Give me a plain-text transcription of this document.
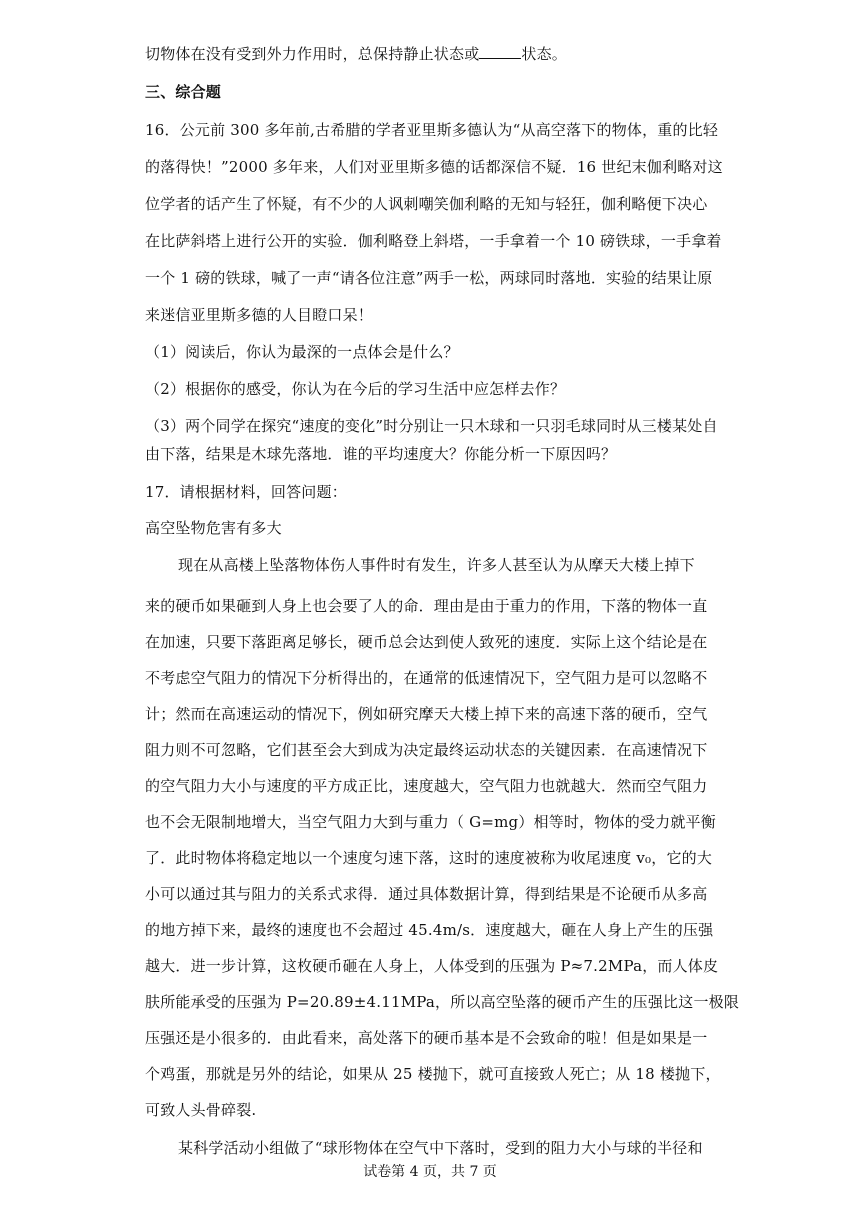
切物体在没有受到外力作用时，总保持静止状态或	状态。
三、综合题
16．公元前 300 多年前,古希腊的学者亚里斯多德认为“从高空落下的物体，重的比轻
的落得快！”2000 多年来，人们对亚里斯多德的话都深信不疑．16 世纪末伽利略对这
位学者的话产生了怀疑，有不少的人讽刺嘲笑伽利略的无知与轻狂，伽利略便下决心
在比萨斜塔上进行公开的实验．伽利略登上斜塔，一手拿着一个 10 磅铁球，一手拿着
一个 1 磅的铁球，喊了一声“请各位注意”两手一松，两球同时落地．实验的结果让原
来迷信亚里斯多德的人目瞪口呆！
（1）阅读后，你认为最深的一点体会是什么？
（2）根据你的感受，你认为在今后的学习生活中应怎样去作？
（3）两个同学在探究“速度的变化”时分别让一只木球和一只羽毛球同时从三楼某处自
由下落，结果是木球先落地．谁的平均速度大？你能分析一下原因吗？
17．请根据材料，回答问题：
高空坠物危害有多大
现在从高楼上坠落物体伤人事件时有发生，许多人甚至认为从摩天大楼上掉下
来的硬币如果砸到人身上也会要了人的命．理由是由于重力的作用，下落的物体一直
在加速，只要下落距离足够长，硬币总会达到使人致死的速度．实际上这个结论是在
不考虑空气阻力的情况下分析得出的，在通常的低速情况下，空气阻力是可以忽略不
计；然而在高速运动的情况下，例如研究摩天大楼上掉下来的高速下落的硬币，空气
阻力则不可忽略，它们甚至会大到成为决定最终运动状态的关键因素．在高速情况下
的空气阻力大小与速度的平方成正比，速度越大，空气阻力也就越大．然而空气阻力
也不会无限制地增大，当空气阻力大到与重力（ G=mg）相等时，物体的受力就平衡
了．此时物体将稳定地以一个速度匀速下落，这时的速度被称为收尾速度 v₀，它的大
小可以通过其与阻力的关系式求得．通过具体数据计算，得到结果是不论硬币从多高
的地方掉下来，最终的速度也不会超过 45.4m/s．速度越大，砸在人身上产生的压强
越大．进一步计算，这枚硬币砸在人身上，人体受到的压强为 P≈7.2MPa，而人体皮
肤所能承受的压强为 P=20.89±4.11MPa，所以高空坠落的硬币产生的压强比这一极限
压强还是小很多的．由此看来，高处落下的硬币基本是不会致命的啦！但是如果是一
个鸡蛋，那就是另外的结论，如果从 25 楼抛下，就可直接致人死亡；从 18 楼抛下，
可致人头骨碎裂.
某科学活动小组做了“球形物体在空气中下落时，受到的阻力大小与球的半径和
试卷第 4 页，共 7 页
